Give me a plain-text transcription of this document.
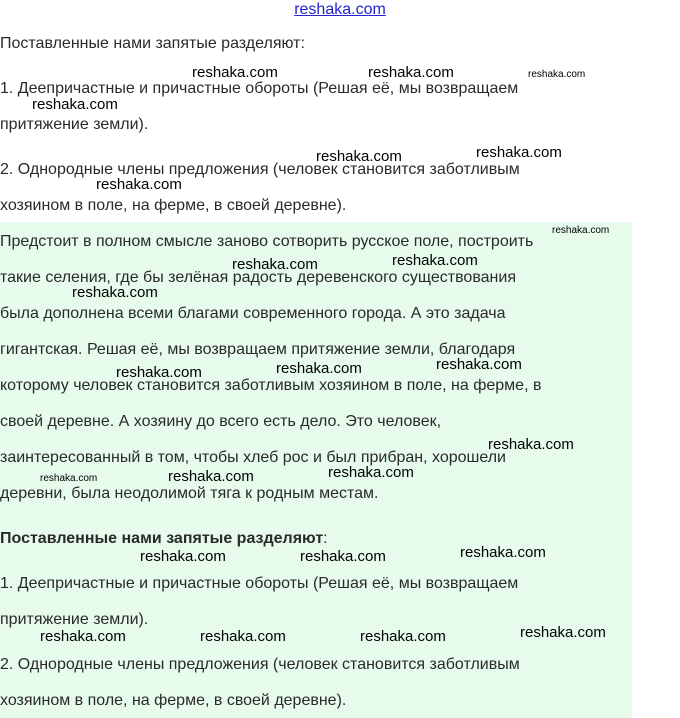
reshaka.com
Поставленные нами запятые разделяют:
1. Деепричастные и причастные обороты (Решая её, мы возвращаем
притяжение земли).
2. Однородные члены предложения (человек становится заботливым
хозяином в поле, на ферме, в своей деревне).
Предстоит в полном смысле заново сотворить русское поле, построить
такие селения, где бы зелёная радость деревенского существования
была дополнена всеми благами современного города. А это задача
гигантская. Решая её, мы возвращаем притяжение земли, благодаря
которому человек становится заботливым хозяином в поле, на ферме, в
своей деревне. А хозяину до всего есть дело. Это человек,
заинтересованный в том, чтобы хлеб рос и был прибран, хорошели
деревни, была неодолимой тяга к родным местам.
Поставленные нами запятые разделяют:
1. Деепричастные и причастные обороты (Решая её, мы возвращаем
притяжение земли).
2. Однородные члены предложения (человек становится заботливым
хозяином в поле, на ферме, в своей деревне).
reshaka.com	reshaka.com	reshaka.com
reshaka.com
reshaka.com	reshaka.com
reshaka.com
reshaka.com
reshaka.com	reshaka.com
reshaka.com
reshaka.com	reshaka.com	reshaka.com
reshaka.com
reshaka.com	reshaka.com	reshaka.com
reshaka.com	reshaka.com	reshaka.com
reshaka.com	reshaka.com	reshaka.com	reshaka.com
